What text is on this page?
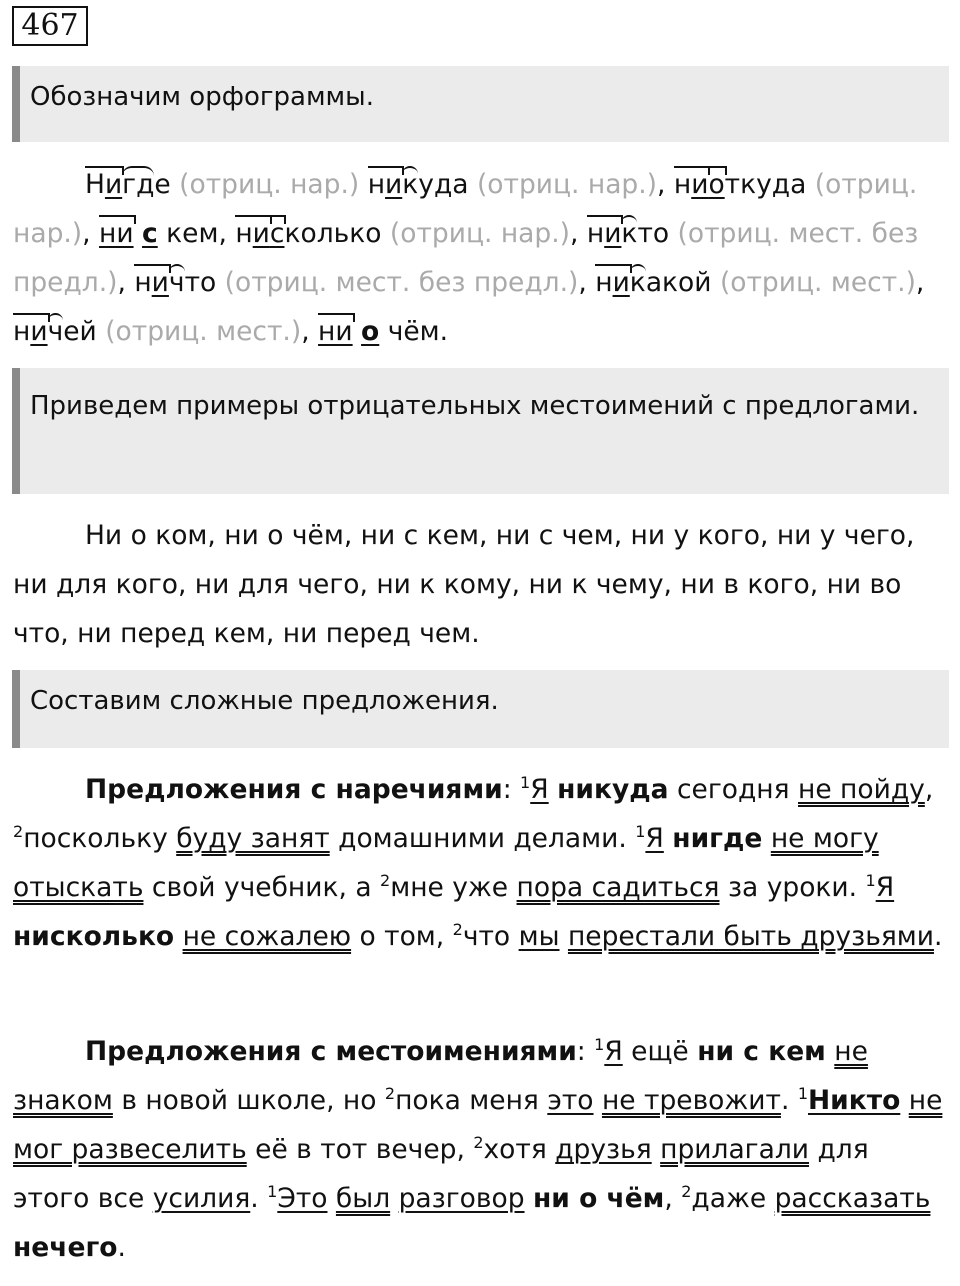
467
Обозначим орфограммы.
Нигде (отриц. нар.) никуда (отриц. нар.), ниоткуда (отриц. нар.), ни с кем, нисколько (отриц. нар.), никто (отриц. мест. без предл.), ничто (отриц. мест. без предл.), никакой (отриц. мест.), ничей (отриц. мест.), ни о чём.
Приведем примеры отрицательных местоимений с предлогами.
Ни о ком, ни о чём, ни с кем, ни с чем, ни у кого, ни у чего, ни для кого, ни для чего, ни к кому, ни к чему, ни в кого, ни во что, ни перед кем, ни перед чем.
Составим сложные предложения.
Предложения с наречиями: $^1$Я никуда сегодня не пойду, $^2$поскольку буду занят домашними делами. $^1$Я нигде не могу отыскать свой учебник, а $^2$мне уже пора садиться за уроки. $^1$Я нисколько не сожалею о том, $^2$что мы перестали быть друзьями.
Предложения с местоимениями: $^1$Я ещё ни с кем не знаком в новой школе, но $^2$пока меня это не тревожит. $^1$Никто не мог развеселить её в тот вечер, $^2$хотя друзья прилагали для этого все усилия. $^1$Это был разговор ни о чём, $^2$даже рассказать нечего.
